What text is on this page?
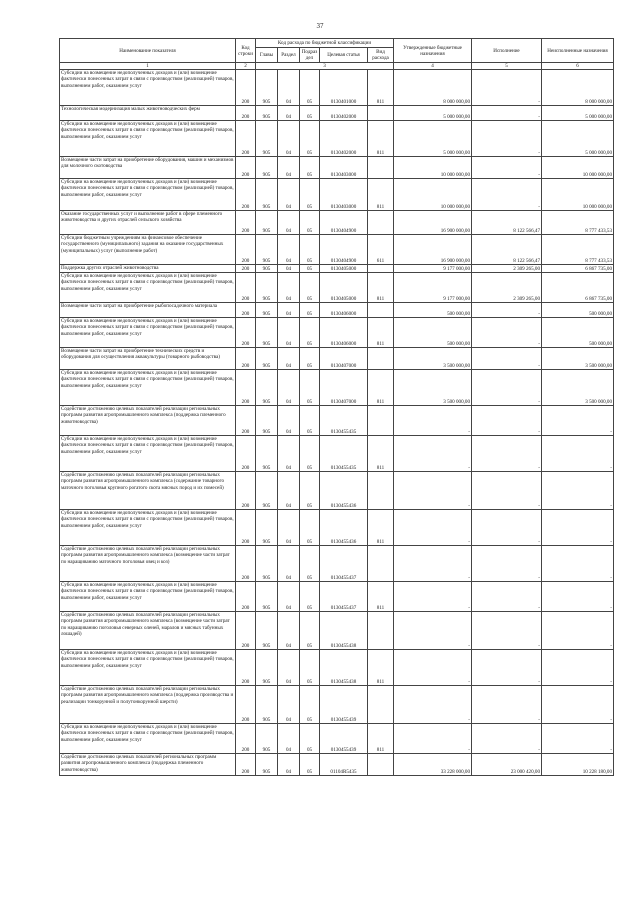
37
Наименование показателя	Код строки	Код расхода по бюджетной классификации					Утвержденные бюджетные назначения	Исполнение	Неисполненные назначения
		Главы	Раздел	Подраз дел	Целевая статья	Вид расхода			
1	2	3					4	5	6
Субсидии на возмещение недополученных доходов и (или) возмещение фактически понесенных затрат в связи с производством (реализацией) товаров, выполнением работ, оказанием услуг	200	905	04	05	0130401000	811	8 000 000,00	-	8 000 000,00
Технологическая модернизация малых животноводческих ферм	200	905	04	05	0130402000		5 000 000,00	-	5 000 000,00
Субсидии на возмещение недополученных доходов и (или) возмещение фактически понесенных затрат в связи с производством (реализацией) товаров, выполнением работ, оказанием услуг	200	905	04	05	0130402000	811	5 000 000,00	-	5 000 000,00
Возмещение части затрат на приобретение оборудования, машин и механизмов для молочного скотоводства	200	905	04	05	0130403000		10 000 000,00	-	10 000 000,00
Субсидии на возмещение недополученных доходов и (или) возмещение фактически понесенных затрат в связи с производством (реализацией) товаров, выполнением работ, оказанием услуг	200	905	04	05	0130403000	811	10 000 000,00	-	10 000 000,00
Оказание государственных услуг и выполнение работ в сфере племенного животноводства и других отраслей сельского хозяйства	200	905	04	05	0130404900		16 900 000,00	8 122 566,47	8 777 433,53
Субсидии бюджетным учреждениям на финансовое обеспечение государственного (муниципального) задания на оказание государственных (муниципальных) услуг (выполнение работ)	200	905	04	05	0130404900	611	16 900 000,00	8 122 566,47	8 777 433,53
Поддержка других отраслей животноводства	200	905	04	05	0130405000		9 177 000,00	2 309 265,00	6 867 735,00
Субсидии на возмещение недополученных доходов и (или) возмещение фактически понесенных затрат в связи с производством (реализацией) товаров, выполнением работ, оказанием услуг	200	905	04	05	0130405000	811	9 177 000,00	2 309 265,00	6 867 735,00
Возмещение части затрат на приобретение рыбопосадочного материала	200	905	04	05	0130406000		500 000,00	-	500 000,00
Субсидии на возмещение недополученных доходов и (или) возмещение фактически понесенных затрат в связи с производством (реализацией) товаров, выполнением работ, оказанием услуг	200	905	04	05	0130406000	811	500 000,00	-	500 000,00
Возмещение части затрат на приобретение технических средств и оборудования для осуществления аквакультуры (товарного рыбоводства)	200	905	04	05	0130407000		3 500 000,00	-	3 500 000,00
Субсидии на возмещение недополученных доходов и (или) возмещение фактически понесенных затрат в связи с производством (реализацией) товаров, выполнением работ, оказанием услуг	200	905	04	05	0130407000	811	3 500 000,00	-	3 500 000,00
Содействие достижению целевых показателей реализации региональных программ развития агропромышленного комплекса (поддержка племенного животноводства)	200	905	04	05	0130455435		-	-	-
Субсидии на возмещение недополученных доходов и (или) возмещение фактически понесенных затрат в связи с производством (реализацией) товаров, выполнением работ, оказанием услуг	200	905	04	05	0130455435	811	-	-	-
Содействие достижению целевых показателей реализации региональных программ развития агропромышленного комплекса (содержание товарного маточного поголовья крупного рогатого скота мясных пород и их помесей)	200	905	04	05	0130455436		-	-	-
Субсидии на возмещение недополученных доходов и (или) возмещение фактически понесенных затрат в связи с производством (реализацией) товаров, выполнением работ, оказанием услуг	200	905	04	05	0130455436	811	-	-	-
Содействие достижению целевых показателей реализации региональных программ развития агропромышленного комплекса (возмещение части затрат по наращиванию маточного поголовья овец и коз)	200	905	04	05	0130455437		-	-	-
Субсидии на возмещение недополученных доходов и (или) возмещение фактически понесенных затрат в связи с производством (реализацией) товаров, выполнением работ, оказанием услуг	200	905	04	05	0130455437	811	-	-	-
Содействие достижению целевых показателей реализации региональных программ развития агропромышленного комплекса (возмещение части затрат по наращиванию поголовья северных оленей, маралов и мясных табунных лошадей)	200	905	04	05	0130455438		-	-	-
Субсидии на возмещение недополученных доходов и (или) возмещение фактически понесенных затрат в связи с производством (реализацией) товаров, выполнением работ, оказанием услуг	200	905	04	05	0130455438	811	-	-	-
Содействие достижению целевых показателей реализации региональных программ развития агропромышленного комплекса (поддержка производства и реализации тонкорунной и полутонкорунной шерсти)	200	905	04	05	0130455439		-	-	-
Субсидии на возмещение недополученных доходов и (или) возмещение фактически понесенных затрат в связи с производством (реализацией) товаров, выполнением работ, оказанием услуг	200	905	04	05	0130455439	811	-	-	-
Содействие достижению целевых показателей региональных программ развития агропромышленного комплекса (поддержка племенного животноводства)	200	905	04	05	01104R5435		33 228 000,00	23 000 420,00	10 228 180,00
